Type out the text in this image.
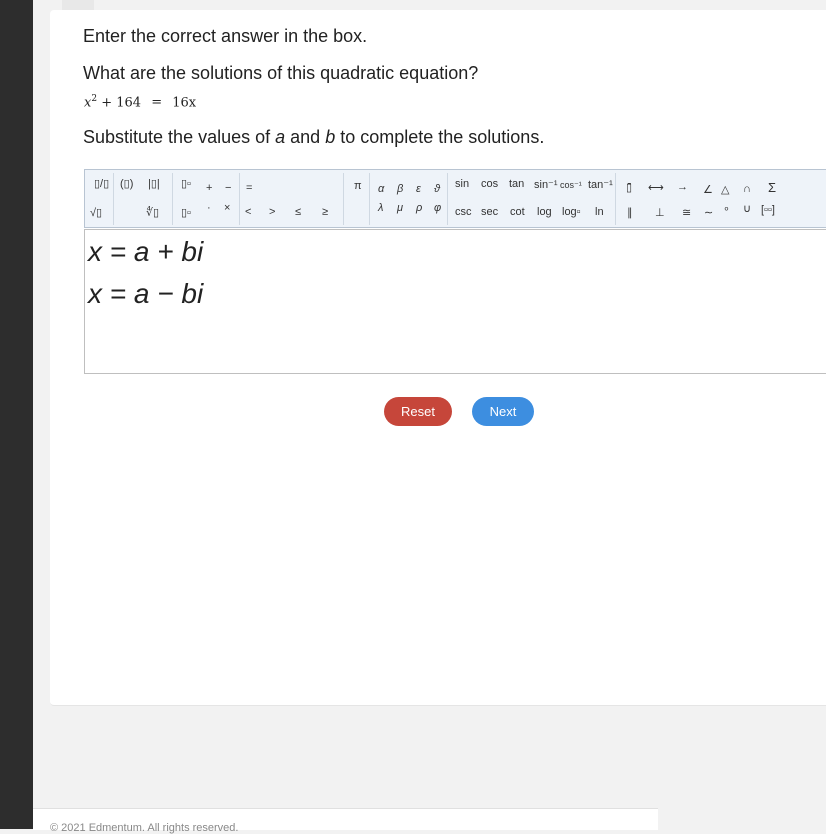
Enter the correct answer in the box.
What are the solutions of this quadratic equation?
$x^2 + 164 = 16x$
Substitute the values of a and b to complete the solutions.
▯/▯ (▯) |▯| ▯▫ + − =	π
√▯	∜▯ ▯▫ · × < > ≤ ≥
α β ε ϑ
λ μ ρ φ
sin cos tan sin⁻¹ cos⁻¹ tan⁻¹
csc sec cot log log▫ ln
▯̄ ⟷ → ∠ △ ∩ Σ
∥ ⊥ ≅ ∼ ∘ ∪ [▫▫]
x = a + bi
x = a − bi
Reset	Next
© 2021 Edmentum. All rights reserved.
